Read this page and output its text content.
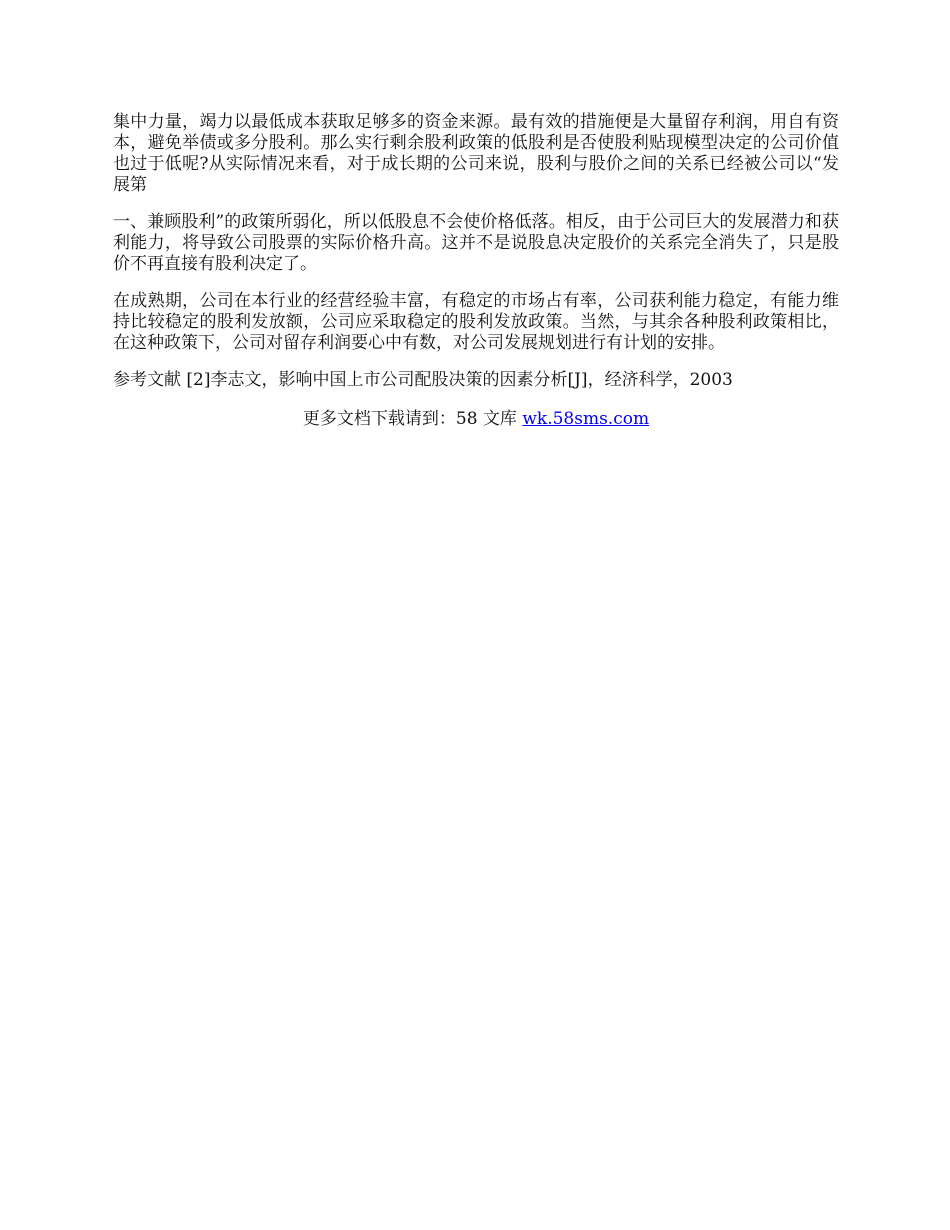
集中力量，竭力以最低成本获取足够多的资金来源。最有效的措施便是大量留存利润，用自有资本，避免举债或多分股利。那么实行剩余股利政策的低股利是否使股利贴现模型决定的公司价值也过于低呢?从实际情况来看，对于成长期的公司来说，股利与股价之间的关系已经被公司以“发展第

一、兼顾股利”的政策所弱化，所以低股息不会使价格低落。相反，由于公司巨大的发展潜力和获利能力，将导致公司股票的实际价格升高。这并不是说股息决定股价的关系完全消失了，只是股价不再直接有股利决定了。

在成熟期，公司在本行业的经营经验丰富，有稳定的市场占有率，公司获利能力稳定，有能力维持比较稳定的股利发放额，公司应采取稳定的股利发放政策。当然，与其余各种股利政策相比，在这种政策下，公司对留存利润要心中有数，对公司发展规划进行有计划的安排。

参考文献 [2]李志文，影响中国上市公司配股决策的因素分析[J]，经济科学，2003

更多文档下载请到：58 文库 wk.58sms.com
